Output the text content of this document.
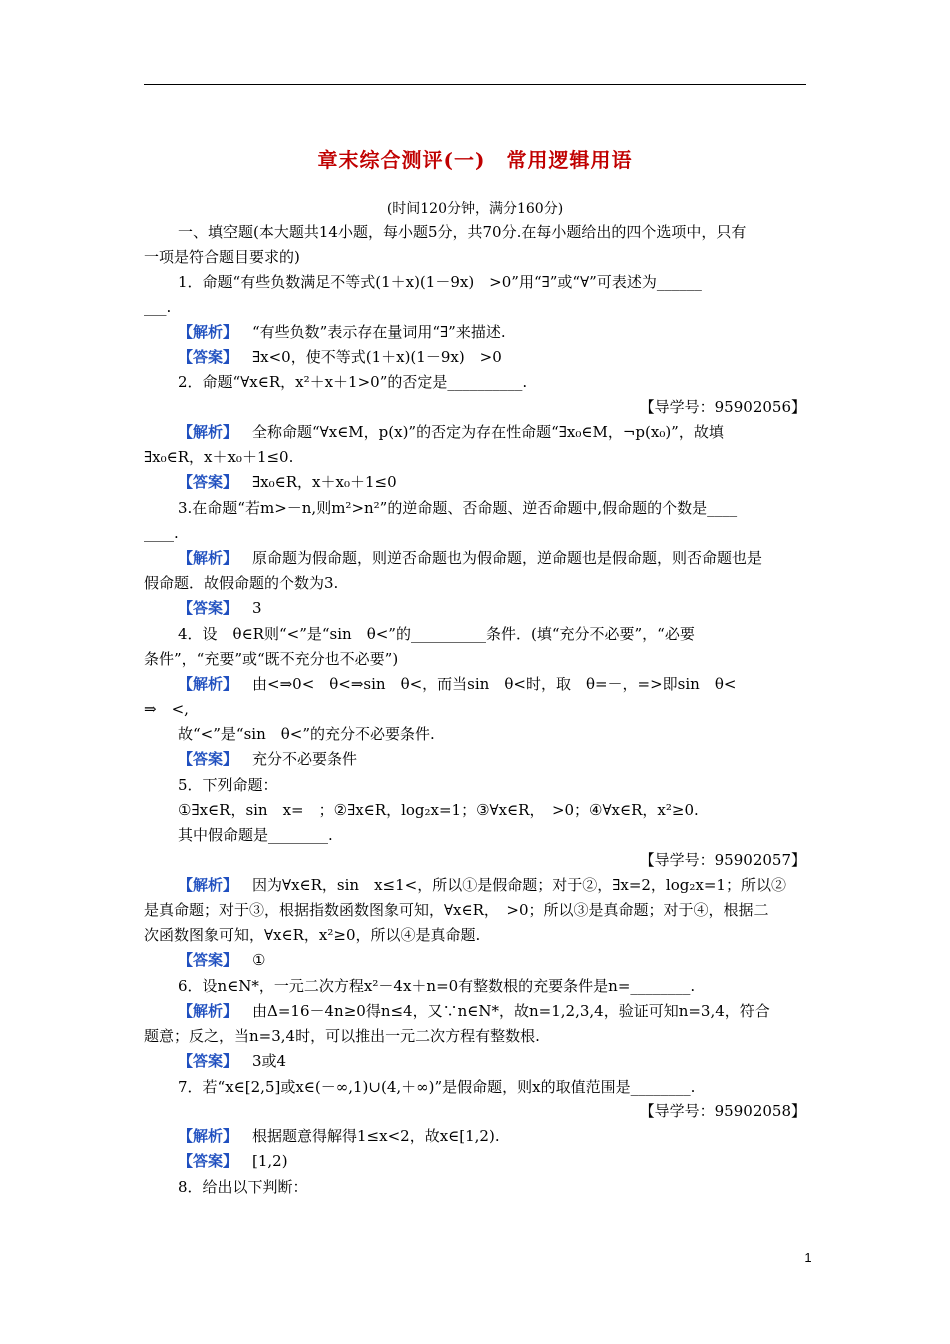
章末综合测评(一)　常用逻辑用语
(时间120分钟，满分160分)
一、填空题(本大题共14小题，每小题5分，共70分.在每小题给出的四个选项中，只有
一项是符合题目要求的)
1．命题“有些负数满足不等式(1＋x)(1－9x)　>0”用“∃”或“∀”可表述为______
___.
【解析】 “有些负数”表示存在量词用“∃”来描述.
【答案】 ∃x<0，使不等式(1＋x)(1－9x)　>0
2．命题“∀x∈R，x²＋x＋1>0”的否定是__________.
【导学号：95902056】
【解析】 全称命题“∀x∈M，p(x)”的否定为存在性命题“∃x₀∈M，¬p(x₀)”，故填
∃x₀∈R，x＋x₀＋1≤0.
【答案】 ∃x₀∈R，x＋x₀＋1≤0
3.在命题“若m>－n,则m²>n²”的逆命题、否命题、逆否命题中,假命题的个数是____
____.
【解析】 原命题为假命题，则逆否命题也为假命题，逆命题也是假命题，则否命题也是
假命题．故假命题的个数为3.
【答案】 3
4．设　θ∈R则“<”是“sin　θ<”的__________条件．(填“充分不必要”，“必要
条件”，“充要”或“既不充分也不必要”)
【解析】 由<⇒0<　θ<⇒sin　θ<，而当sin　θ<时，取　θ=－，=>即sin　θ<
⇒　<,
故“<”是“sin　θ<”的充分不必要条件.
【答案】 充分不必要条件
5．下列命题：
①∃x∈R，sin　x=　；②∃x∈R，log₂x=1；③∀x∈R，　>0；④∀x∈R，x²≥0.
其中假命题是________.
【导学号：95902057】
【解析】 因为∀x∈R，sin　x≤1<，所以①是假命题；对于②，∃x=2，log₂x=1；所以②
是真命题；对于③，根据指数函数图象可知，∀x∈R，　>0；所以③是真命题；对于④，根据二
次函数图象可知，∀x∈R，x²≥0，所以④是真命题.
【答案】 ①
6．设n∈N*，一元二次方程x²－4x＋n=0有整数根的充要条件是n=________.
【解析】 由Δ=16－4n≥0得n≤4，又∵n∈N*，故n=1,2,3,4，验证可知n=3,4，符合
题意；反之，当n=3,4时，可以推出一元二次方程有整数根.
【答案】 3或4
7．若“x∈[2,5]或x∈(－∞,1)∪(4,＋∞)”是假命题，则x的取值范围是________.
【导学号：95902058】
【解析】 根据题意得解得1≤x<2，故x∈[1,2).
【答案】 [1,2)
8．给出以下判断：
1
